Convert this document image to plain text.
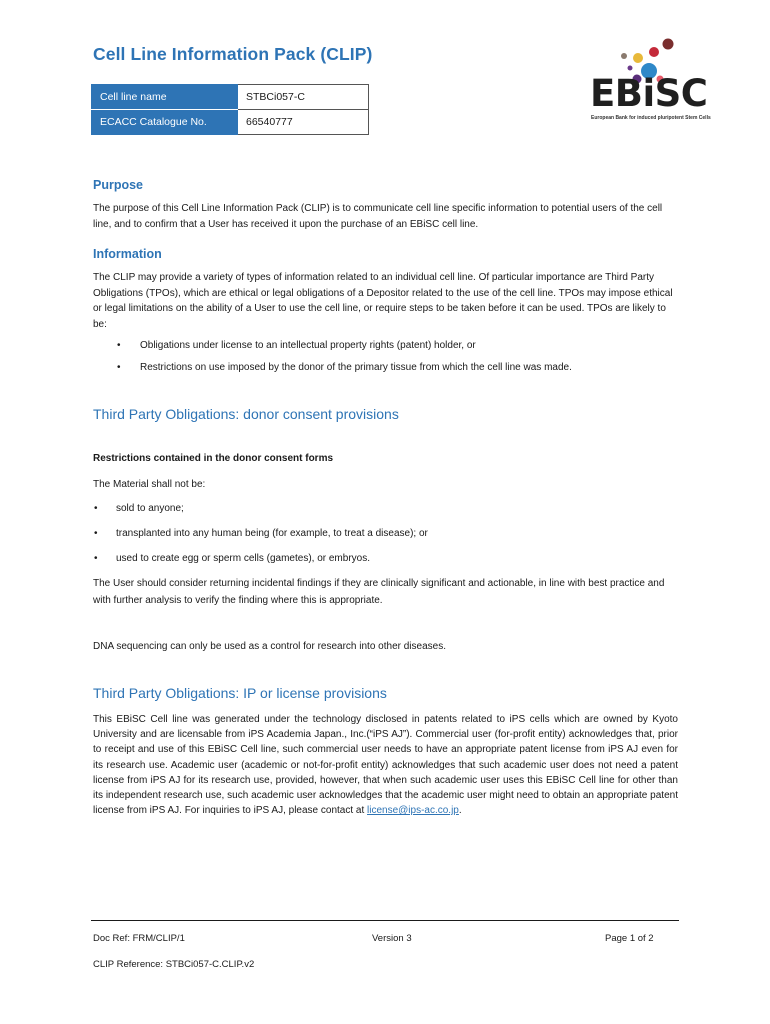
Cell Line Information Pack (CLIP)
Cell line name	STBCi057-C
ECACC Catalogue No.	66540777
EBiSC
European Bank for induced pluripotent Stem Cells
Purpose

The purpose of this Cell Line Information Pack (CLIP) is to communicate cell line specific information to potential users of the cell line, and to confirm that a User has received it upon the purchase of an EBiSC cell line.

Information

The CLIP may provide a variety of types of information related to an individual cell line. Of particular importance are Third Party Obligations (TPOs), which are ethical or legal obligations of a Depositor related to the use of the cell line. TPOs may impose ethical or legal limitations on the ability of a User to use the cell line, or require steps to be taken before it can be used. TPOs are likely to be:

• Obligations under license to an intellectual property rights (patent) holder, or
• Restrictions on use imposed by the donor of the primary tissue from which the cell line was made.
Third Party Obligations: donor consent provisions

Restrictions contained in the donor consent forms

The Material shall not be:

• sold to anyone;
• transplanted into any human being (for example, to treat a disease); or
• used to create egg or sperm cells (gametes), or embryos.

The User should consider returning incidental findings if they are clinically significant and actionable, in line with best practice and with further analysis to verify the finding where this is appropriate.

DNA sequencing can only be used as a control for research into other diseases.

Third Party Obligations: IP or license provisions

This EBiSC Cell line was generated under the technology disclosed in patents related to iPS cells which are owned by Kyoto University and are licensable from iPS Academia Japan., Inc.(“iPS AJ”). Commercial user (for-profit entity) acknowledges that, prior to receipt and use of this EBiSC Cell line, such commercial user needs to have an appropriate patent license from iPS AJ even for its research use. Academic user (academic or not-for-profit entity) acknowledges that such academic user does not need a patent license from iPS AJ for its research use, provided, however, that when such academic user uses this EBiSC Cell line for other than its independent research use, such academic user acknowledges that the academic user might need to obtain an appropriate patent license from iPS AJ. For inquiries to iPS AJ, please contact at license@ips-ac.co.jp.

Doc Ref: FRM/CLIP/1	Version 3	Page 1 of 2

CLIP Reference: STBCi057-C.CLIP.v2
